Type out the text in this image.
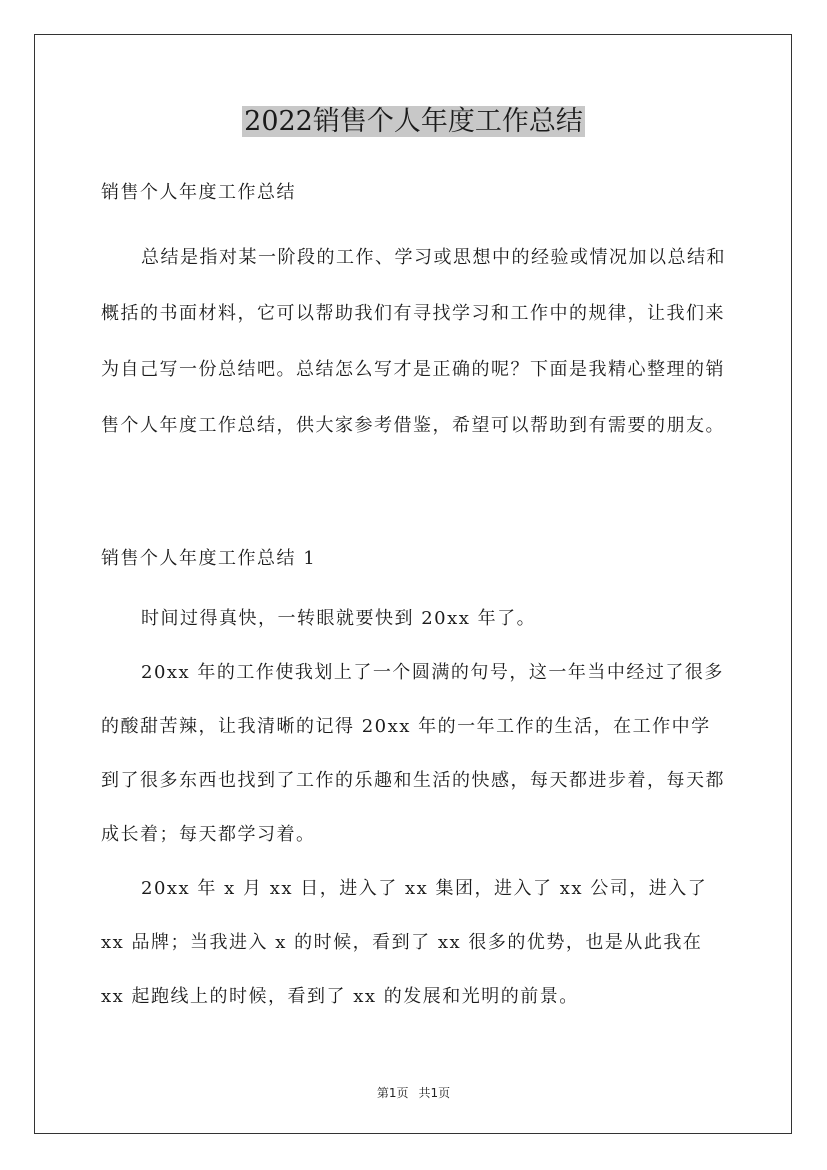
2022销售个人年度工作总结

销售个人年度工作总结

总结是指对某一阶段的工作、学习或思想中的经验或情况加以总结和概括的书面材料，它可以帮助我们有寻找学习和工作中的规律，让我们来为自己写一份总结吧。总结怎么写才是正确的呢？下面是我精心整理的销售个人年度工作总结，供大家参考借鉴，希望可以帮助到有需要的朋友。

销售个人年度工作总结 1

时间过得真快，一转眼就要快到 20xx 年了。

20xx 年的工作使我划上了一个圆满的句号，这一年当中经过了很多的酸甜苦辣，让我清晰的记得 20xx 年的一年工作的生活，在工作中学到了很多东西也找到了工作的乐趣和生活的快感，每天都进步着，每天都成长着；每天都学习着。

20xx 年 x 月 xx 日，进入了 xx 集团，进入了 xx 公司，进入了 xx 品牌；当我进入 x 的时候，看到了 xx 很多的优势，也是从此我在 xx 起跑线上的时候，看到了 xx 的发展和光明的前景。

第1页 共1页
